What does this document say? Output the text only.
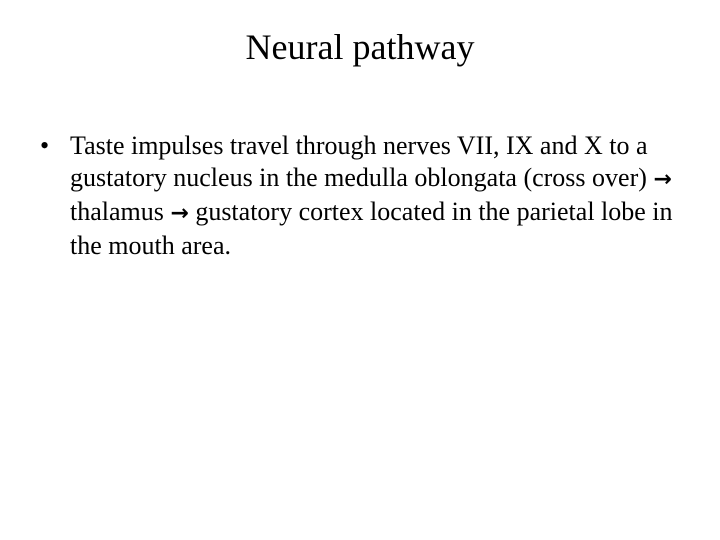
Neural pathway
• Taste impulses travel through nerves VII, IX and X to a gustatory nucleus in the medulla oblongata (cross over) → thalamus → gustatory cortex located in the parietal lobe in the mouth area.
